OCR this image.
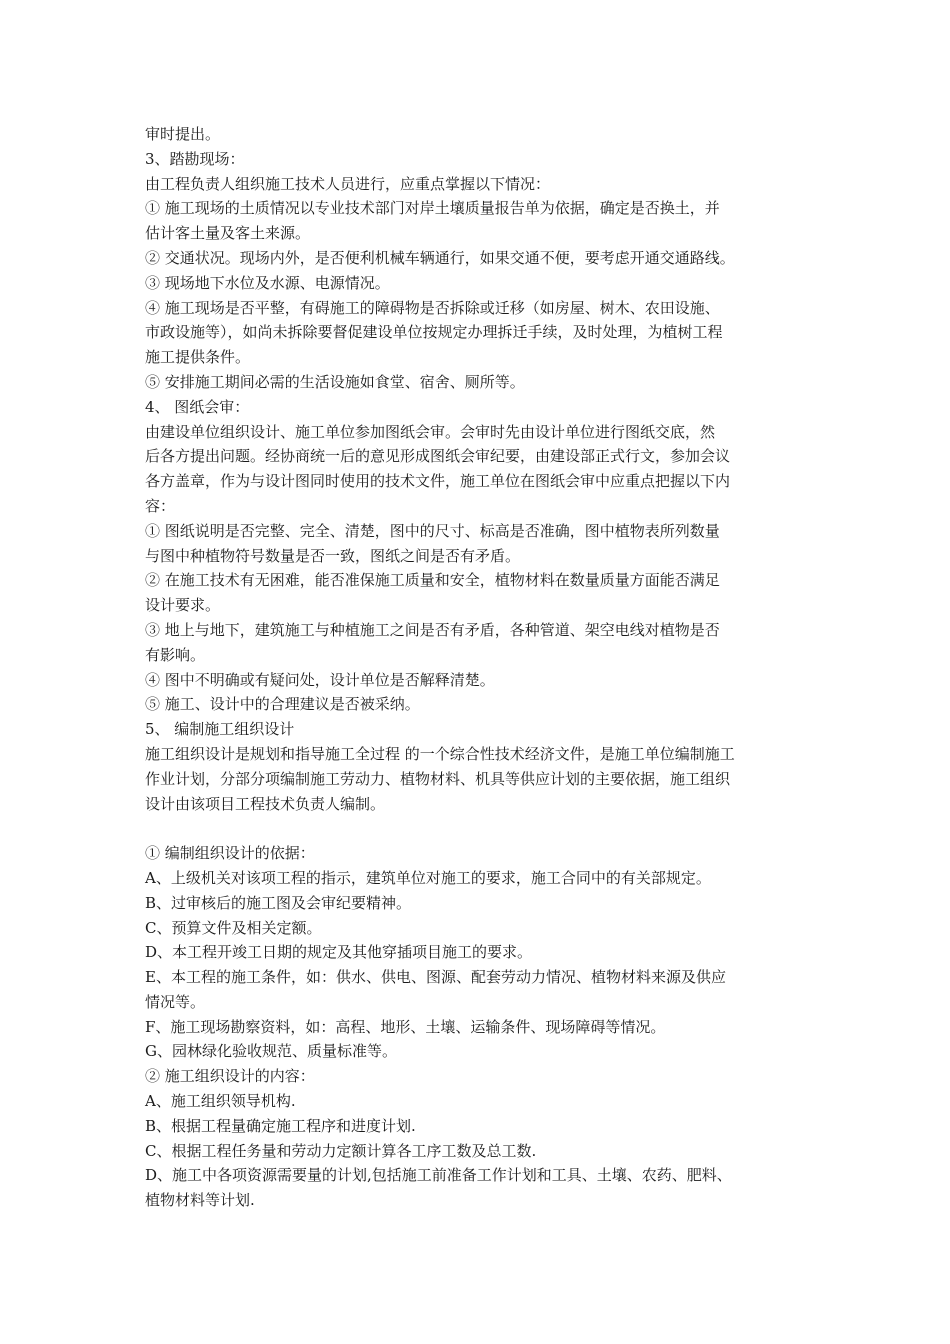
审时提出。
3、踏勘现场：
由工程负责人组织施工技术人员进行，应重点掌握以下情况：
① 施工现场的土质情况以专业技术部门对岸土壤质量报告单为依据，确定是否换土，并
估计客土量及客土来源。
② 交通状况。现场内外，是否便利机械车辆通行，如果交通不便，要考虑开通交通路线。
③ 现场地下水位及水源、电源情况。
④ 施工现场是否平整，有碍施工的障碍物是否拆除或迁移（如房屋、树木、农田设施、
市政设施等），如尚未拆除要督促建设单位按规定办理拆迁手续，及时处理，为植树工程
施工提供条件。
⑤ 安排施工期间必需的生活设施如食堂、宿舍、厕所等。
4、 图纸会审：
由建设单位组织设计、施工单位参加图纸会审。会审时先由设计单位进行图纸交底，然
后各方提出问题。经协商统一后的意见形成图纸会审纪要，由建设部正式行文，参加会议
各方盖章，作为与设计图同时使用的技术文件，施工单位在图纸会审中应重点把握以下内
容：
① 图纸说明是否完整、完全、清楚，图中的尺寸、标高是否准确，图中植物表所列数量
与图中种植物符号数量是否一致，图纸之间是否有矛盾。
② 在施工技术有无困难，能否准保施工质量和安全，植物材料在数量质量方面能否满足
设计要求。
③ 地上与地下，建筑施工与种植施工之间是否有矛盾，各种管道、架空电线对植物是否
有影响。
④ 图中不明确或有疑问处，设计单位是否解释清楚。
⑤ 施工、设计中的合理建议是否被采纳。
5、 编制施工组织设计
施工组织设计是规划和指导施工全过程 的一个综合性技术经济文件，是施工单位编制施工
作业计划，分部分项编制施工劳动力、植物材料、机具等供应计划的主要依据，施工组织
设计由该项目工程技术负责人编制。
① 编制组织设计的依据：
A、上级机关对该项工程的指示，建筑单位对施工的要求，施工合同中的有关部规定。
B、过审核后的施工图及会审纪要精神。
C、预算文件及相关定额。
D、本工程开竣工日期的规定及其他穿插项目施工的要求。
E、本工程的施工条件，如：供水、供电、图源、配套劳动力情况、植物材料来源及供应
情况等。
F、施工现场勘察资料，如：高程、地形、土壤、运输条件、现场障碍等情况。
G、园林绿化验收规范、质量标准等。
② 施工组织设计的内容：
A、施工组织领导机构.
B、根据工程量确定施工程序和进度计划.
C、根据工程任务量和劳动力定额计算各工序工数及总工数.
D、施工中各项资源需要量的计划,包括施工前准备工作计划和工具、土壤、农药、肥料、
植物材料等计划.
